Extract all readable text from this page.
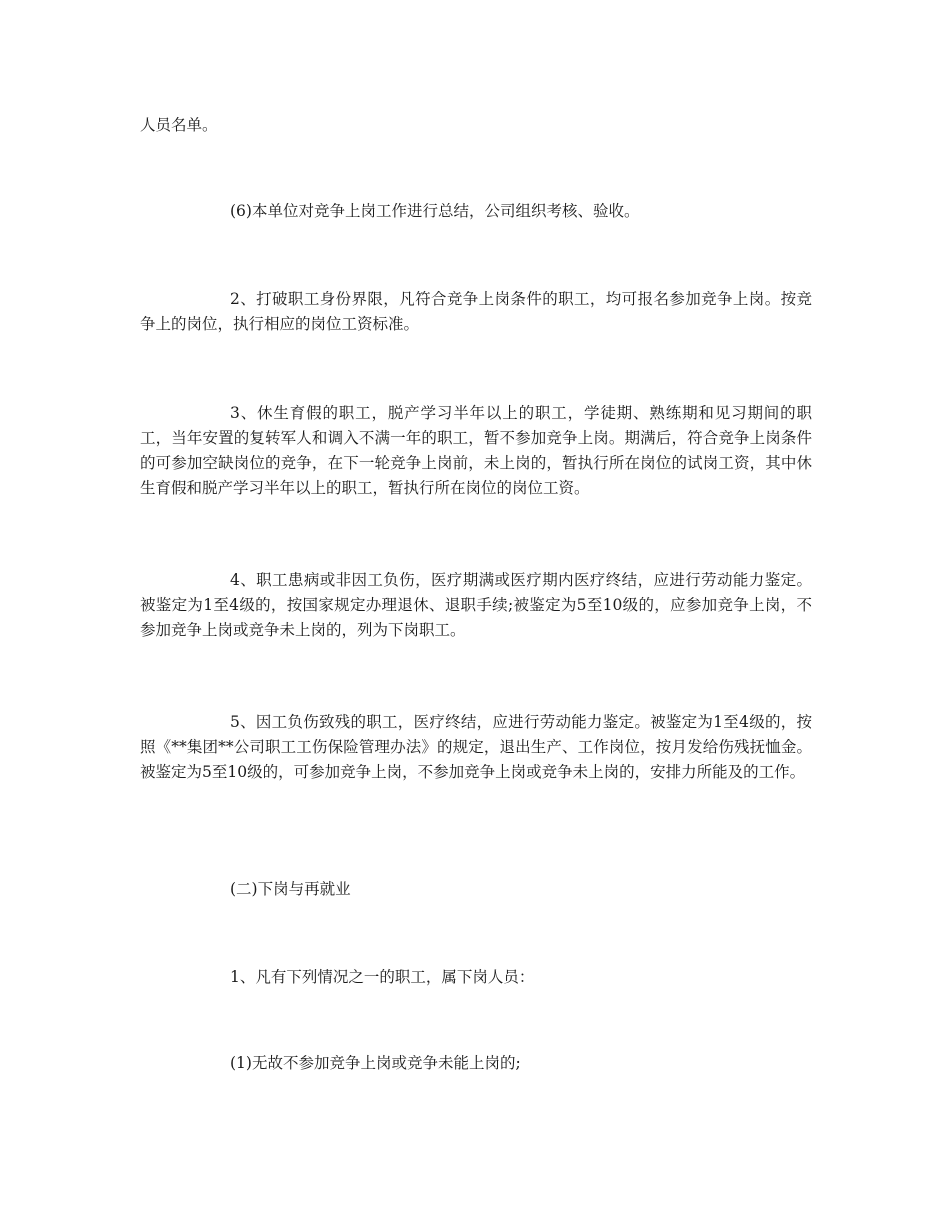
人员名单。

(6)本单位对竞争上岗工作进行总结，公司组织考核、验收。

2、打破职工身份界限，凡符合竞争上岗条件的职工，均可报名参加竞争上岗。按竞争上的岗位，执行相应的岗位工资标准。

3、休生育假的职工，脱产学习半年以上的职工，学徒期、熟练期和见习期间的职工，当年安置的复转军人和调入不满一年的职工，暂不参加竞争上岗。期满后，符合竞争上岗条件的可参加空缺岗位的竞争，在下一轮竞争上岗前，未上岗的，暂执行所在岗位的试岗工资，其中休生育假和脱产学习半年以上的职工，暂执行所在岗位的岗位工资。

4、职工患病或非因工负伤，医疗期满或医疗期内医疗终结，应进行劳动能力鉴定。被鉴定为1至4级的，按国家规定办理退休、退职手续;被鉴定为5至10级的，应参加竞争上岗，不参加竞争上岗或竞争未上岗的，列为下岗职工。

5、因工负伤致残的职工，医疗终结，应进行劳动能力鉴定。被鉴定为1至4级的，按照《**集团**公司职工工伤保险管理办法》的规定，退出生产、工作岗位，按月发给伤残抚恤金。被鉴定为5至10级的，可参加竞争上岗，不参加竞争上岗或竞争未上岗的，安排力所能及的工作。

(二)下岗与再就业

1、凡有下列情况之一的职工，属下岗人员：

(1)无故不参加竞争上岗或竞争未能上岗的;
